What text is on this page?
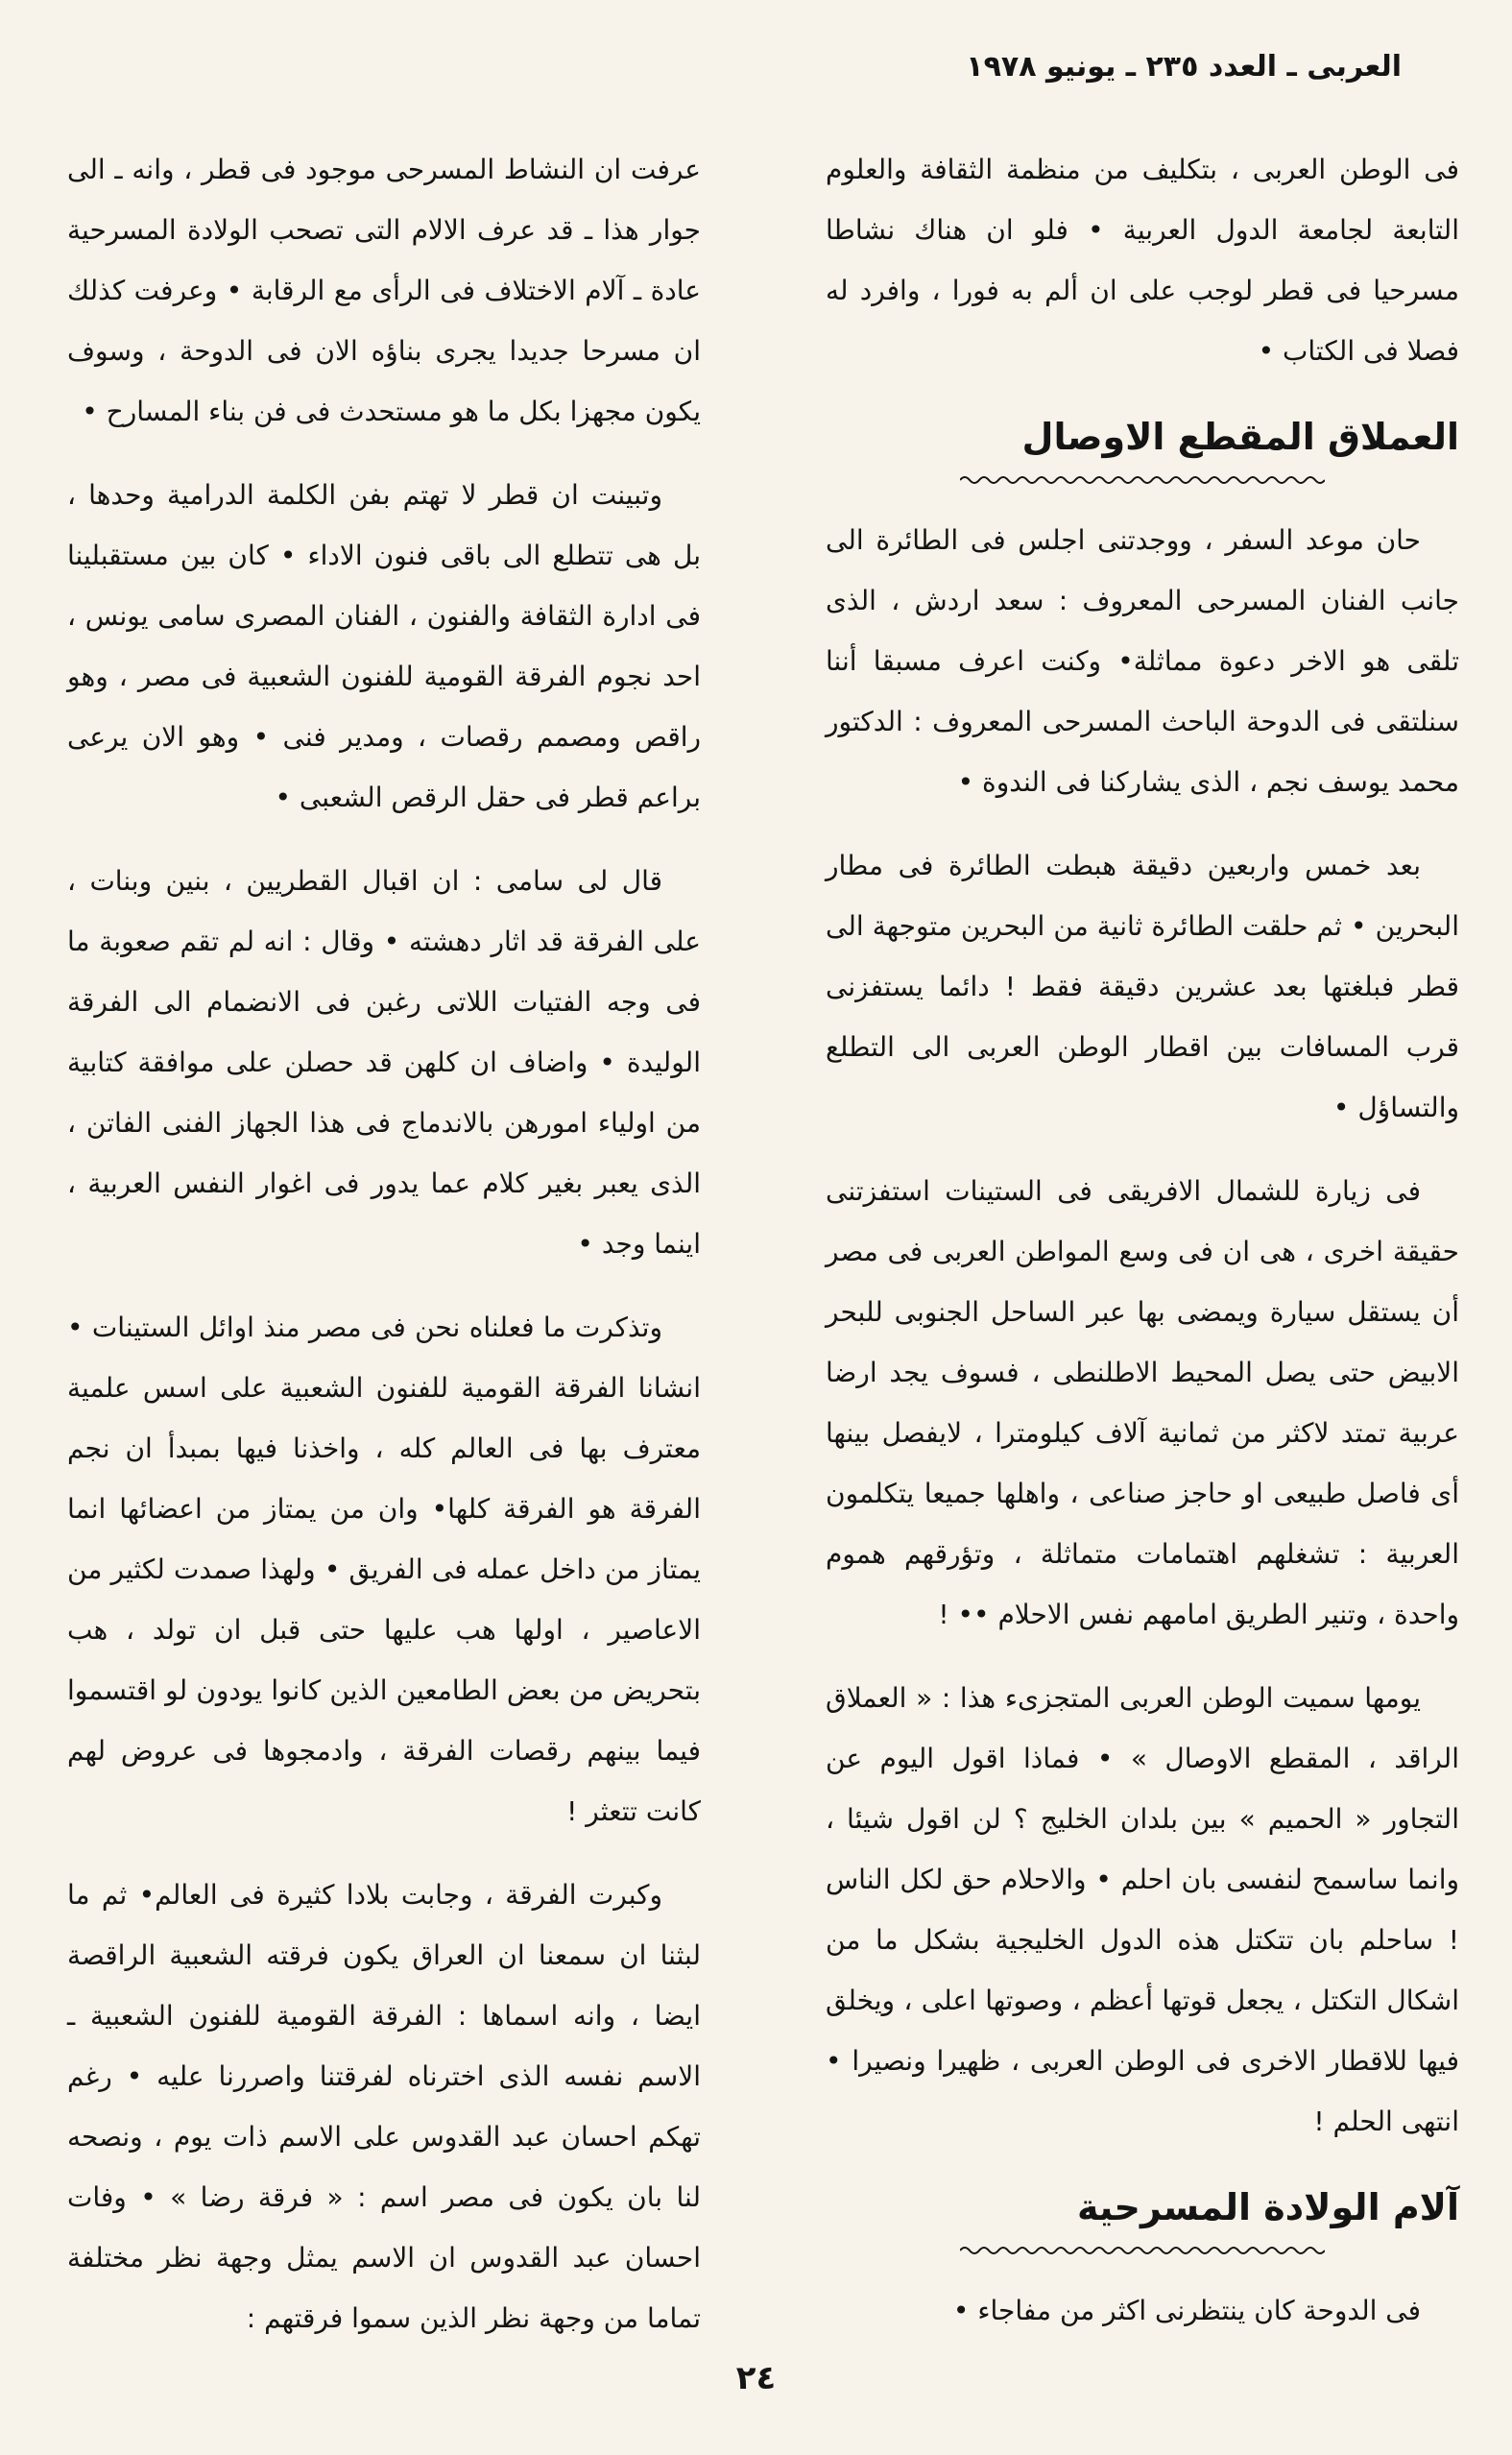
العربى ـ العدد ٢٣٥ ـ يونيو ١٩٧٨

فى الوطن العربى ، بتكليف من منظمة الثقافة والعلوم التابعة لجامعة الدول العربية • فلو ان هناك نشاطا مسرحيا فى قطر لوجب على ان ألم به فورا ، وافرد له فصلا فى الكتاب •

العملاق المقطع الاوصال

حان موعد السفر ، ووجدتنى اجلس فى الطائرة الى جانب الفنان المسرحى المعروف : سعد اردش ، الذى تلقى هو الاخر دعوة مماثلة• وكنت اعرف مسبقا أننا سنلتقى فى الدوحة الباحث المسرحى المعروف : الدكتور محمد يوسف نجم ، الذى يشاركنا فى الندوة •

بعد خمس واربعين دقيقة هبطت الطائرة فى مطار البحرين • ثم حلقت الطائرة ثانية من البحرين متوجهة الى قطر فبلغتها بعد عشرين دقيقة فقط ! دائما يستفزنى قرب المسافات بين اقطار الوطن العربى الى التطلع والتساؤل •

فى زيارة للشمال الافريقى فى الستينات استفزتنى حقيقة اخرى ، هى ان فى وسع المواطن العربى فى مصر أن يستقل سيارة ويمضى بها عبر الساحل الجنوبى للبحر الابيض حتى يصل المحيط الاطلنطى ، فسوف يجد ارضا عربية تمتد لاكثر من ثمانية آلاف كيلومترا ، لايفصل بينها أى فاصل طبيعى او حاجز صناعى ، واهلها جميعا يتكلمون العربية : تشغلهم اهتمامات متماثلة ، وتؤرقهم هموم واحدة ، وتنير الطريق امامهم نفس الاحلام •• !

يومها سميت الوطن العربى المتجزىء هذا : « العملاق الراقد ، المقطع الاوصال » • فماذا اقول اليوم عن التجاور « الحميم » بين بلدان الخليج ؟ لن اقول شيئا ، وانما ساسمح لنفسى بان احلم • والاحلام حق لكل الناس ! ساحلم بان تتكتل هذه الدول الخليجية بشكل ما من اشكال التكتل ، يجعل قوتها أعظم ، وصوتها اعلى ، ويخلق فيها للاقطار الاخرى فى الوطن العربى ، ظهيرا ونصيرا • انتهى الحلم !

آلام الولادة المسرحية

فى الدوحة كان ينتظرنى اكثر من مفاجاء •

عرفت ان النشاط المسرحى موجود فى قطر ، وانه ـ الى جوار هذا ـ قد عرف الالام التى تصحب الولادة المسرحية عادة ـ آلام الاختلاف فى الرأى مع الرقابة • وعرفت كذلك ان مسرحا جديدا يجرى بناؤه الان فى الدوحة ، وسوف يكون مجهزا بكل ما هو مستحدث فى فن بناء المسارح •

وتبينت ان قطر لا تهتم بفن الكلمة الدرامية وحدها ، بل هى تتطلع الى باقى فنون الاداء • كان بين مستقبلينا فى ادارة الثقافة والفنون ، الفنان المصرى سامى يونس ، احد نجوم الفرقة القومية للفنون الشعبية فى مصر ، وهو راقص ومصمم رقصات ، ومدير فنى • وهو الان يرعى براعم قطر فى حقل الرقص الشعبى •

قال لى سامى : ان اقبال القطريين ، بنين وبنات ، على الفرقة قد اثار دهشته • وقال : انه لم تقم صعوبة ما فى وجه الفتيات اللاتى رغبن فى الانضمام الى الفرقة الوليدة • واضاف ان كلهن قد حصلن على موافقة كتابية من اولياء امورهن بالاندماج فى هذا الجهاز الفنى الفاتن ، الذى يعبر بغير كلام عما يدور فى اغوار النفس العربية ، اينما وجد •

وتذكرت ما فعلناه نحن فى مصر منذ اوائل الستينات • انشانا الفرقة القومية للفنون الشعبية على اسس علمية معترف بها فى العالم كله ، واخذنا فيها بمبدأ ان نجم الفرقة هو الفرقة كلها• وان من يمتاز من اعضائها انما يمتاز من داخل عمله فى الفريق • ولهذا صمدت لكثير من الاعاصير ، اولها هب عليها حتى قبل ان تولد ، هب بتحريض من بعض الطامعين الذين كانوا يودون لو اقتسموا فيما بينهم رقصات الفرقة ، وادمجوها فى عروض لهم كانت تتعثر !

وكبرت الفرقة ، وجابت بلادا كثيرة فى العالم• ثم ما لبثنا ان سمعنا ان العراق يكون فرقته الشعبية الراقصة ايضا ، وانه اسماها : الفرقة القومية للفنون الشعبية ـ الاسم نفسه الذى اخترناه لفرقتنا واصررنا عليه • رغم تهكم احسان عبد القدوس على الاسم ذات يوم ، ونصحه لنا بان يكون فى مصر اسم : « فرقة رضا » • وفات احسان عبد القدوس ان الاسم يمثل وجهة نظر مختلفة تماما من وجهة نظر الذين سموا فرقتهم :

٢٤
